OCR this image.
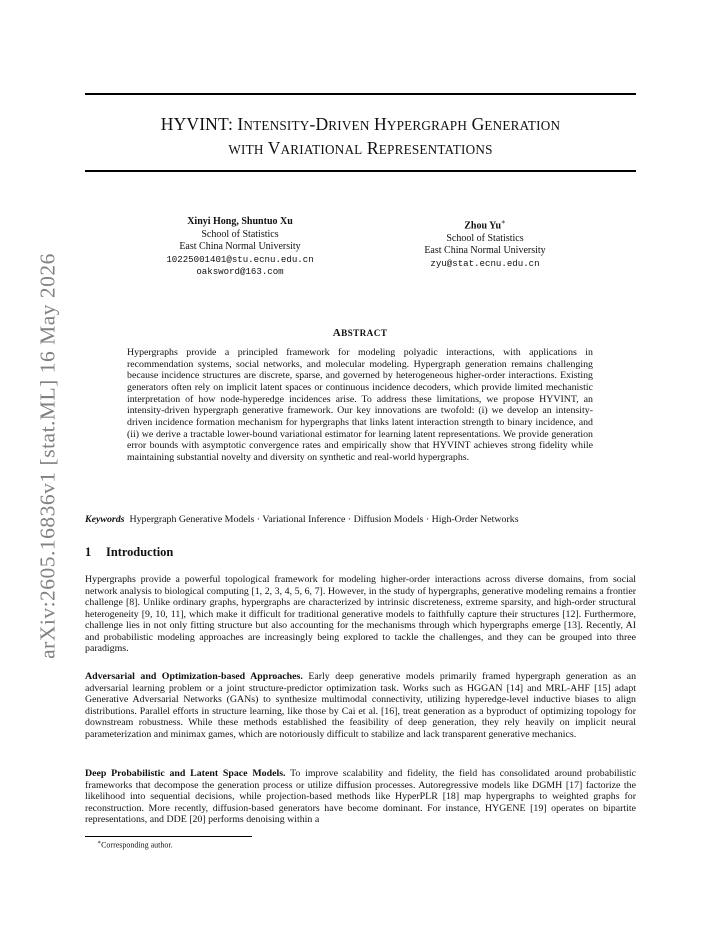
arXiv:2605.16836v1 [stat.ML] 16 May 2026
HYVINT: INTENSITY-DRIVEN HYPERGRAPH GENERATION
WITH VARIATIONAL REPRESENTATIONS
Xinyi Hong, Shuntuo Xu
School of Statistics
East China Normal University
10225001401@stu.ecnu.edu.cn
oaksword@163.com
Zhou Yu∗
School of Statistics
East China Normal University
zyu@stat.ecnu.edu.cn
ABSTRACT
Hypergraphs provide a principled framework for modeling polyadic interactions, with applications in recommendation systems, social networks, and molecular modeling. Hypergraph generation remains challenging because incidence structures are discrete, sparse, and governed by heterogeneous higher-order interactions. Existing generators often rely on implicit latent spaces or continuous incidence decoders, which provide limited mechanistic interpretation of how node-hyperedge incidences arise. To address these limitations, we propose HYVINT, an intensity-driven hypergraph generative framework. Our key innovations are twofold: (i) we develop an intensity-driven incidence formation mechanism for hypergraphs that links latent interaction strength to binary incidence, and (ii) we derive a tractable lower-bound variational estimator for learning latent representations. We provide generation error bounds with asymptotic convergence rates and empirically show that HYVINT achieves strong fidelity while maintaining substantial novelty and diversity on synthetic and real-world hypergraphs.
Keywords Hypergraph Generative Models · Variational Inference · Diffusion Models · High-Order Networks
1 Introduction
Hypergraphs provide a powerful topological framework for modeling higher-order interactions across diverse domains, from social network analysis to biological computing [1, 2, 3, 4, 5, 6, 7]. However, in the study of hypergraphs, generative modeling remains a frontier challenge [8]. Unlike ordinary graphs, hypergraphs are characterized by intrinsic discreteness, extreme sparsity, and high-order structural heterogeneity [9, 10, 11], which make it difficult for traditional generative models to faithfully capture their structures [12]. Furthermore, challenge lies in not only fitting structure but also accounting for the mechanisms through which hypergraphs emerge [13]. Recently, AI and probabilistic modeling approaches are increasingly being explored to tackle the challenges, and they can be grouped into three paradigms.
Adversarial and Optimization-based Approaches. Early deep generative models primarily framed hypergraph generation as an adversarial learning problem or a joint structure-predictor optimization task. Works such as HGGAN [14] and MRL-AHF [15] adapt Generative Adversarial Networks (GANs) to synthesize multimodal connectivity, utilizing hyperedge-level inductive biases to align distributions. Parallel efforts in structure learning, like those by Cai et al. [16], treat generation as a byproduct of optimizing topology for downstream robustness. While these methods established the feasibility of deep generation, they rely heavily on implicit neural parameterization and minimax games, which are notoriously difficult to stabilize and lack transparent generative mechanics.
Deep Probabilistic and Latent Space Models. To improve scalability and fidelity, the field has consolidated around probabilistic frameworks that decompose the generation process or utilize diffusion processes. Autoregressive models like DGMH [17] factorize the likelihood into sequential decisions, while projection-based methods like HyperPLR [18] map hypergraphs to weighted graphs for reconstruction. More recently, diffusion-based generators have become dominant. For instance, HYGENE [19] operates on bipartite representations, and DDE [20] performs denoising within a
∗Corresponding author.
